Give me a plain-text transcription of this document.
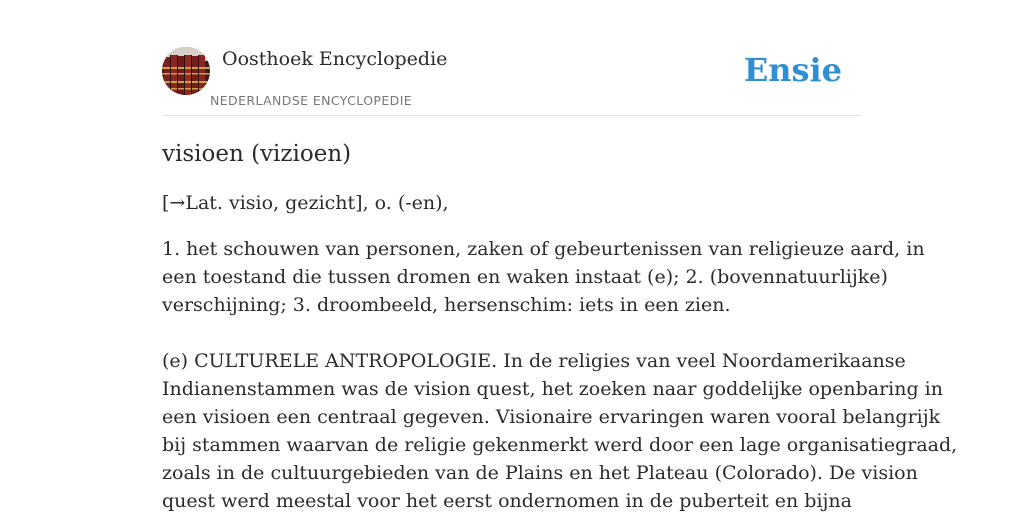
Oosthoek Encyclopedie
NEDERLANDSE ENCYCLOPEDIE
Ensie
visioen (vizioen)

[→Lat. visio, gezicht], o. (-en),

1. het schouwen van personen, zaken of gebeurtenissen van religieuze aard, in
een toestand die tussen dromen en waken instaat (e); 2. (bovennatuurlijke)
verschijning; 3. droombeeld, hersenschim: iets in een zien.

(e) CULTURELE ANTROPOLOGIE. In de religies van veel Noordamerikaanse
Indianenstammen was de vision quest, het zoeken naar goddelijke openbaring in
een visioen een centraal gegeven. Visionaire ervaringen waren vooral belangrijk
bij stammen waarvan de religie gekenmerkt werd door een lage organisatiegraad,
zoals in de cultuurgebieden van de Plains en het Plateau (Colorado). De vision
quest werd meestal voor het eerst ondernomen in de puberteit en bijna
